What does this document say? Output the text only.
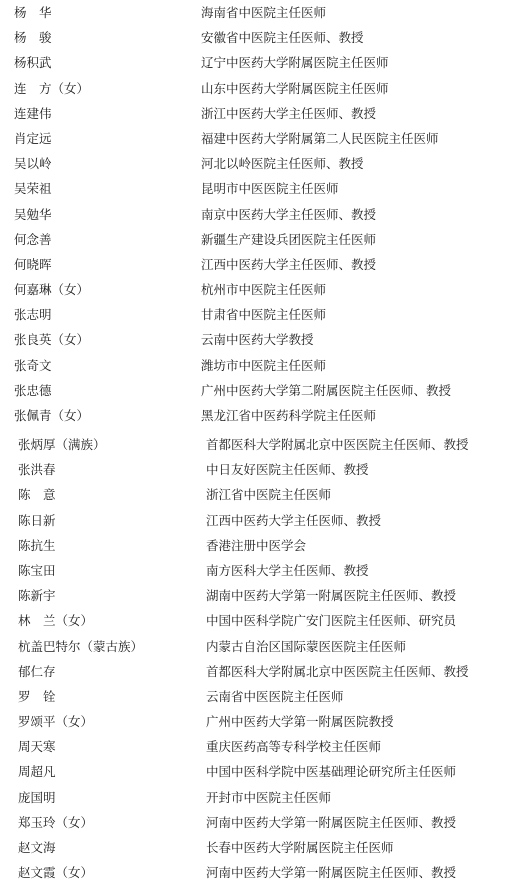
杨　华	海南省中医院主任医师
杨　骏	安徽省中医院主任医师、教授
杨积武	辽宁中医药大学附属医院主任医师
连　方（女）	山东中医药大学附属医院主任医师
连建伟	浙江中医药大学主任医师、教授
肖定远	福建中医药大学附属第二人民医院主任医师
吴以岭	河北以岭医院主任医师、教授
吴荣祖	昆明市中医医院主任医师
吴勉华	南京中医药大学主任医师、教授
何念善	新疆生产建设兵团医院主任医师
何晓晖	江西中医药大学主任医师、教授
何嘉琳（女）	杭州市中医院主任医师
张志明	甘肃省中医院主任医师
张良英（女）	云南中医药大学教授
张奇文	潍坊市中医院主任医师
张忠德	广州中医药大学第二附属医院主任医师、教授
张佩青（女）	黑龙江省中医药科学院主任医师
张炳厚（满族）	首都医科大学附属北京中医医院主任医师、教授
张洪春	中日友好医院主任医师、教授
陈　意	浙江省中医院主任医师
陈日新	江西中医药大学主任医师、教授
陈抗生	香港注册中医学会
陈宝田	南方医科大学主任医师、教授
陈新宇	湖南中医药大学第一附属医院主任医师、教授
林　兰（女）	中国中医科学院广安门医院主任医师、研究员
杭盖巴特尔（蒙古族）	内蒙古自治区国际蒙医医院主任医师
郁仁存	首都医科大学附属北京中医医院主任医师、教授
罗　铨	云南省中医医院主任医师
罗颂平（女）	广州中医药大学第一附属医院教授
周天寒	重庆医药高等专科学校主任医师
周超凡	中国中医科学院中医基础理论研究所主任医师
庞国明	开封市中医院主任医师
郑玉玲（女）	河南中医药大学第一附属医院主任医师、教授
赵文海	长春中医药大学附属医院主任医师
赵文霞（女）	河南中医药大学第一附属医院主任医师、教授
